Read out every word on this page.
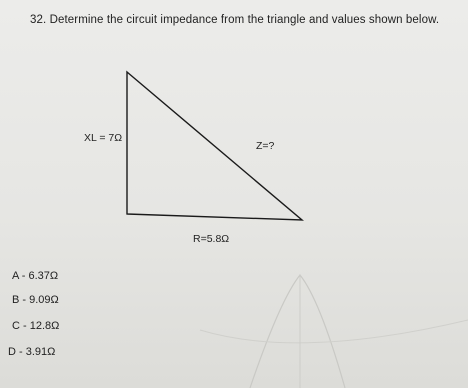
32. Determine the circuit impedance from the triangle and values shown below.
XL = 7Ω
Z=?
R=5.8Ω
A - 6.37Ω
B - 9.09Ω
C - 12.8Ω
D - 3.91Ω
